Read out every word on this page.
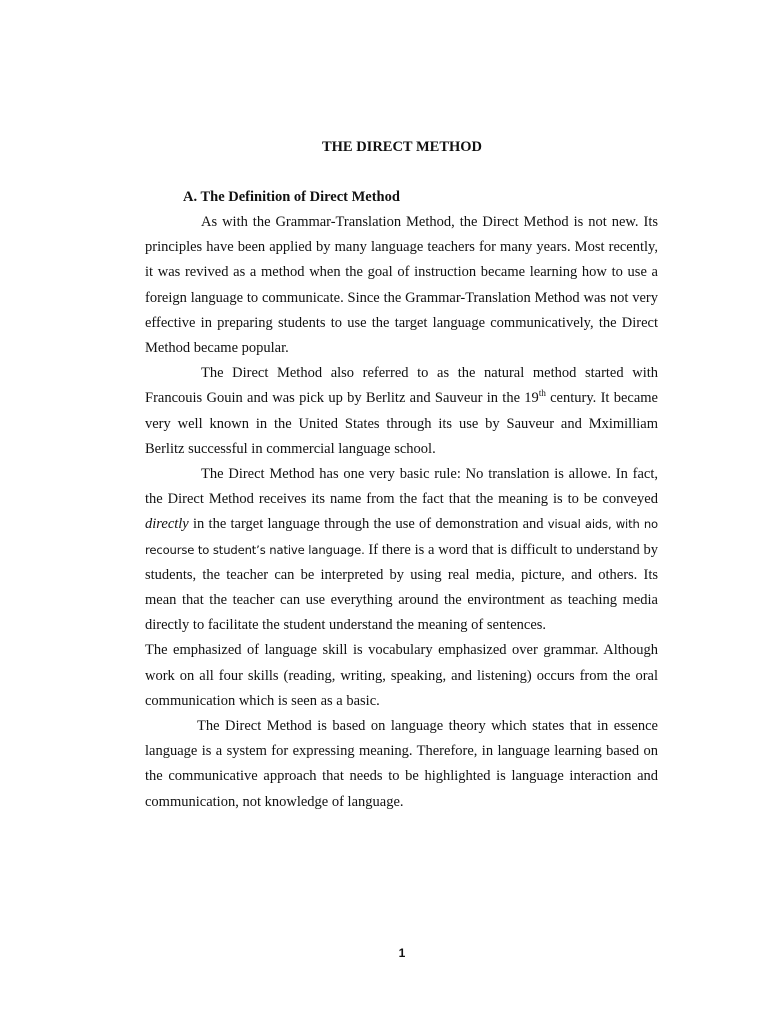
THE DIRECT METHOD
A. The Definition of Direct Method

As with the Grammar-Translation Method, the Direct Method is not new. Its principles have been applied by many language teachers for many years. Most recently, it was revived as a method when the goal of instruction became learning how to use a foreign language to communicate. Since the Grammar-Translation Method was not very effective in preparing students to use the target language communicatively, the Direct Method became popular.

The Direct Method also referred to as the natural method started with Francouis Gouin and was pick up by Berlitz and Sauveur in the 19th century. It became very well known in the United States through its use by Sauveur and Mximilliam Berlitz successful in commercial language school.

The Direct Method has one very basic rule: No translation is allowe. In fact, the Direct Method receives its name from the fact that the meaning is to be conveyed directly in the target language through the use of demonstration and visual aids, with no recourse to student’s native language. If there is a word that is difficult to understand by students, the teacher can be interpreted by using real media, picture, and others. Its mean that the teacher can use everything around the environtment as teaching media directly to facilitate the student understand the meaning of sentences.

The emphasized of language skill is vocabulary emphasized over grammar. Although work on all four skills (reading, writing, speaking, and listening) occurs from the oral communication which is seen as a basic.

The Direct Method is based on language theory which states that in essence language is a system for expressing meaning. Therefore, in language learning based on the communicative approach that needs to be highlighted is language interaction and communication, not knowledge of language.

1
